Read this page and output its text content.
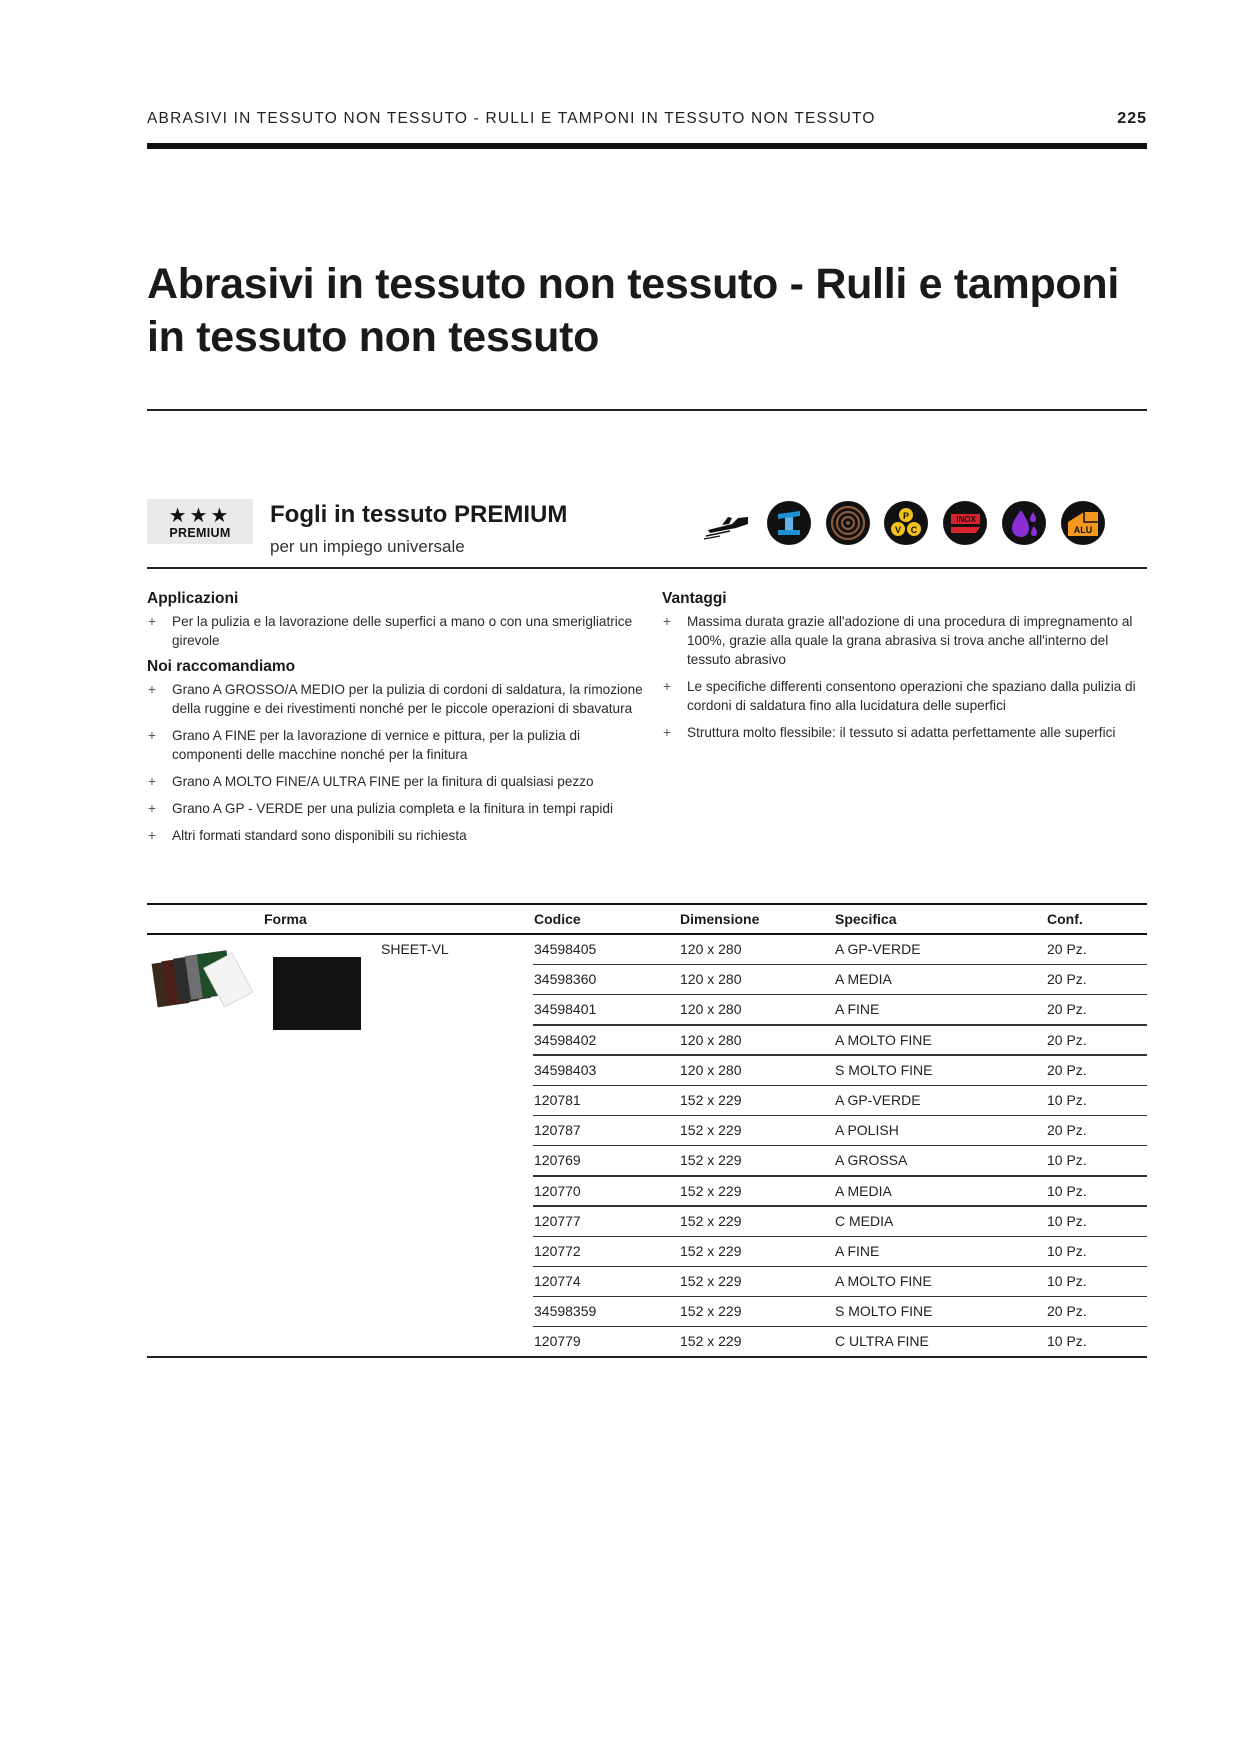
ABRASIVI IN TESSUTO NON TESSUTO - RULLI E TAMPONI IN TESSUTO NON TESSUTO	225
Abrasivi in tessuto non tessuto - Rulli e tamponi in tessuto non tessuto
★★★
PREMIUM
Fogli in tessuto PREMIUM
per un impiego universale
P
V C
INOX
ALU
Applicazioni
+ Per la pulizia e la lavorazione delle superfici a mano o con una smerigliatrice girevole
Noi raccomandiamo
+ Grano A GROSSO/A MEDIO per la pulizia di cordoni di saldatura, la rimozione della ruggine e dei rivestimenti nonché per le piccole operazioni di sbavatura
+ Grano A FINE per la lavorazione di vernice e pittura, per la pulizia di componenti delle macchine nonché per la finitura
+ Grano A MOLTO FINE/A ULTRA FINE per la finitura di qualsiasi pezzo
+ Grano A GP - VERDE per una pulizia completa e la finitura in tempi rapidi
+ Altri formati standard sono disponibili su richiesta
Vantaggi
+ Massima durata grazie all'adozione di una procedura di impregnamento al 100%, grazie alla quale la grana abrasiva si trova anche all'interno del tessuto abrasivo
+ Le specifiche differenti consentono operazioni che spaziano dalla pulizia di cordoni di saldatura fino alla lucidatura delle superfici
+ Struttura molto flessibile: il tessuto si adatta perfettamente alle superfici
Forma	Codice	Dimensione	Specifica	Conf.
SHEET-VL	34598405	120 x 280	A GP-VERDE	20 Pz.
34598360	120 x 280	A MEDIA	20 Pz.
34598401	120 x 280	A FINE	20 Pz.
34598402	120 x 280	A MOLTO FINE	20 Pz.
34598403	120 x 280	S MOLTO FINE	20 Pz.
120781	152 x 229	A GP-VERDE	10 Pz.
120787	152 x 229	A POLISH	20 Pz.
120769	152 x 229	A GROSSA	10 Pz.
120770	152 x 229	A MEDIA	10 Pz.
120777	152 x 229	C MEDIA	10 Pz.
120772	152 x 229	A FINE	10 Pz.
120774	152 x 229	A MOLTO FINE	10 Pz.
34598359	152 x 229	S MOLTO FINE	20 Pz.
120779	152 x 229	C ULTRA FINE	10 Pz.
